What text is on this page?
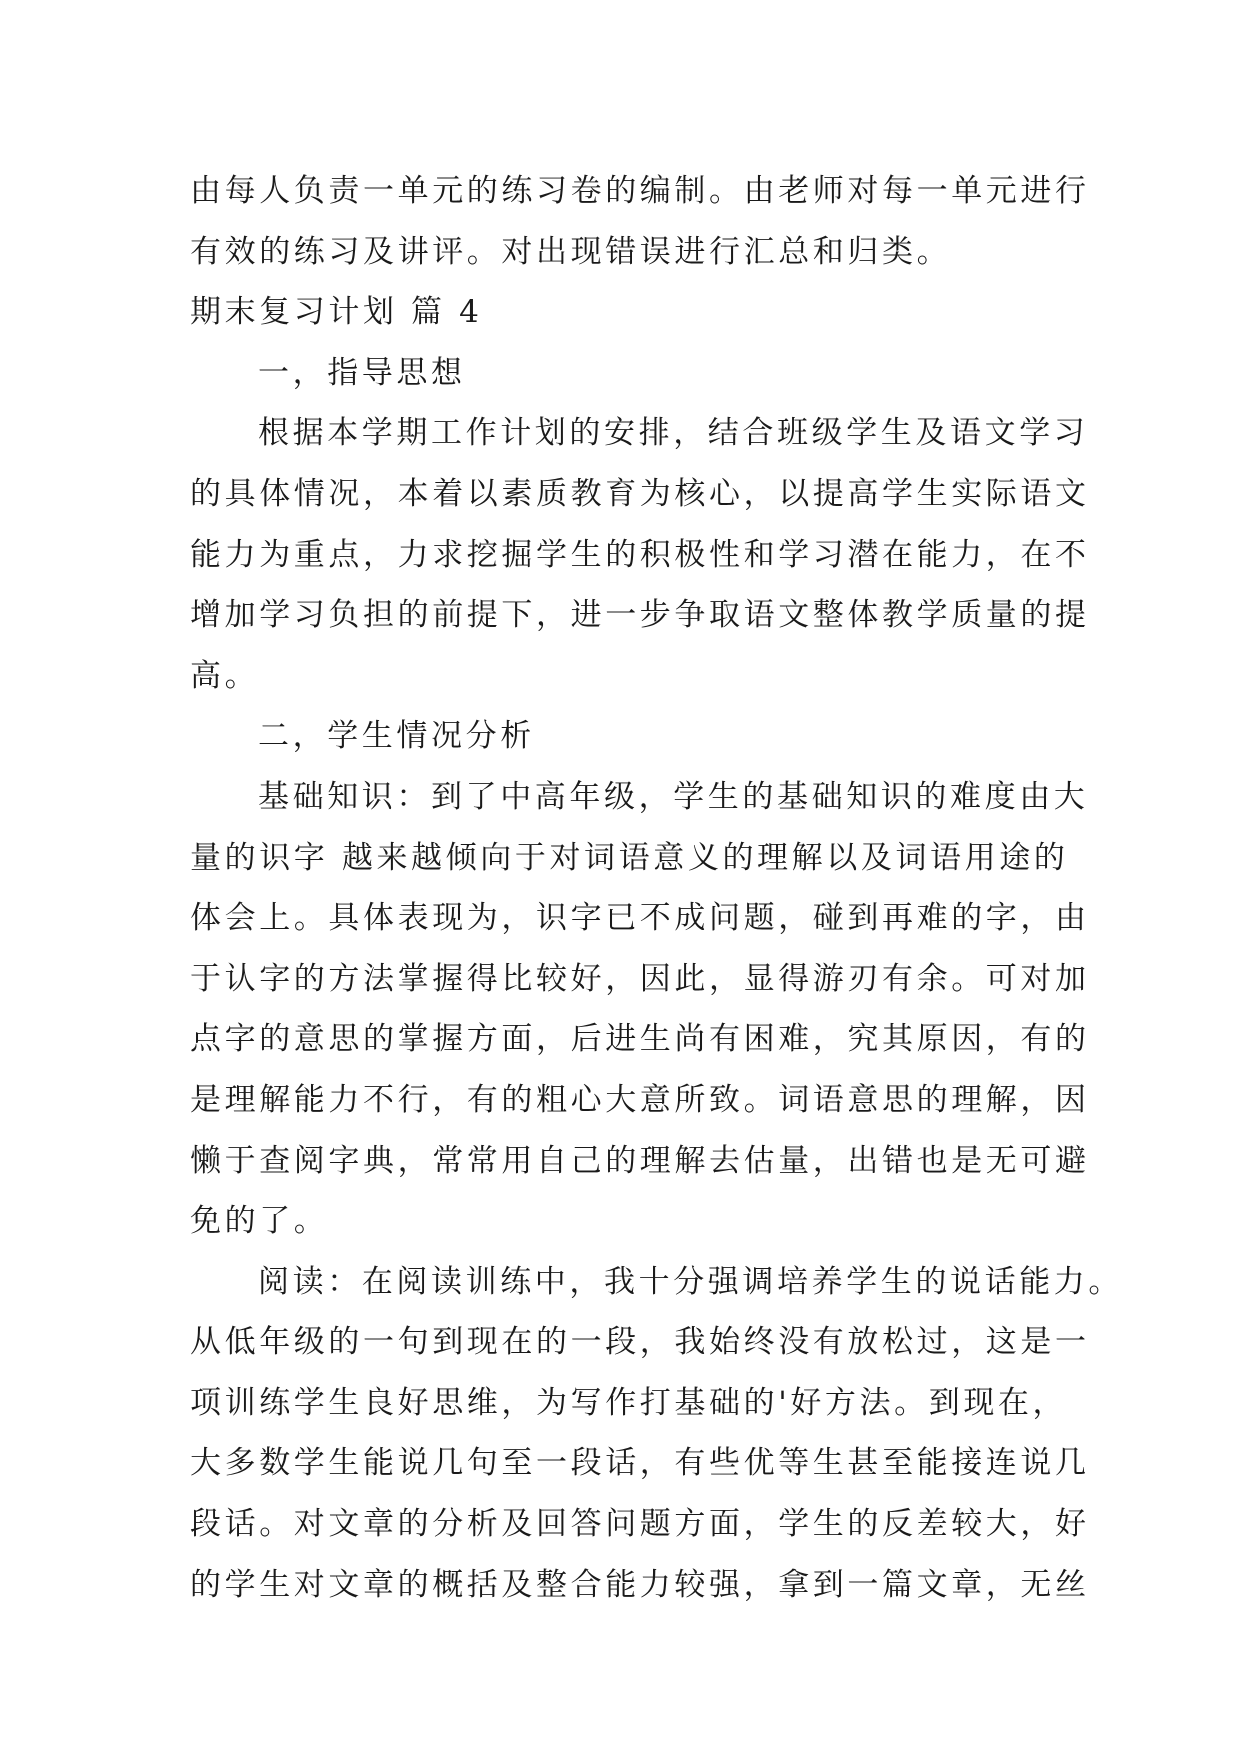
由每人负责一单元的练习卷的编制。由老师对每一单元进行

有效的练习及讲评。对出现错误进行汇总和归类。

期末复习计划 篇 4

一，指导思想

根据本学期工作计划的安排，结合班级学生及语文学习

的具体情况，本着以素质教育为核心，以提高学生实际语文

能力为重点，力求挖掘学生的积极性和学习潜在能力，在不

增加学习负担的前提下，进一步争取语文整体教学质量的提

高。

二，学生情况分析

基础知识：到了中高年级，学生的基础知识的难度由大

量的识字 越来越倾向于对词语意义的理解以及词语用途的

体会上。具体表现为，识字已不成问题，碰到再难的字，由

于认字的方法掌握得比较好，因此，显得游刃有余。可对加

点字的意思的掌握方面，后进生尚有困难，究其原因，有的

是理解能力不行，有的粗心大意所致。词语意思的理解，因

懒于查阅字典，常常用自己的理解去估量，出错也是无可避

免的了。

阅读：在阅读训练中，我十分强调培养学生的说话能力。

从低年级的一句到现在的一段，我始终没有放松过，这是一

项训练学生良好思维，为写作打基础的'好方法。到现在，

大多数学生能说几句至一段话，有些优等生甚至能接连说几

段话。对文章的分析及回答问题方面，学生的反差较大，好

的学生对文章的概括及整合能力较强，拿到一篇文章，无丝
